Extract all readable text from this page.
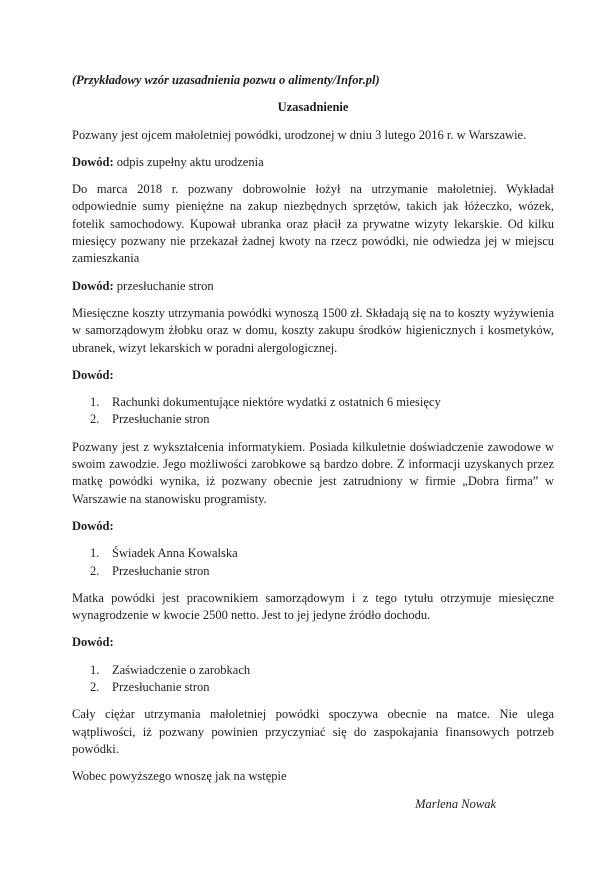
(Przykładowy wzór uzasadnienia pozwu o alimenty/Infor.pl)

Uzasadnienie

Pozwany jest ojcem małoletniej powódki, urodzonej w dniu 3 lutego 2016 r. w Warszawie.

Dowód: odpis zupełny aktu urodzenia

Do marca 2018 r. pozwany dobrowolnie łożył na utrzymanie małoletniej. Wykładał odpowiednie sumy pieniężne na zakup niezbędnych sprzętów, takich jak łóżeczko, wózek, fotelik samochodowy. Kupował ubranka oraz płacił za prywatne wizyty lekarskie. Od kilku miesięcy pozwany nie przekazał żadnej kwoty na rzecz powódki, nie odwiedza jej w miejscu zamieszkania

Dowód: przesłuchanie stron

Miesięczne koszty utrzymania powódki wynoszą 1500 zł. Składają się na to koszty wyżywienia w samorządowym żłobku oraz w domu, koszty zakupu środków higienicznych i kosmetyków, ubranek, wizyt lekarskich w poradni alergologicznej.

Dowód:

1.	Rachunki dokumentujące niektóre wydatki z ostatnich 6 miesięcy
2.	Przesłuchanie stron

Pozwany jest z wykształcenia informatykiem. Posiada kilkuletnie doświadczenie zawodowe w swoim zawodzie. Jego możliwości zarobkowe są bardzo dobre. Z informacji uzyskanych przez matkę powódki wynika, iż pozwany obecnie jest zatrudniony w firmie „Dobra firma” w Warszawie na stanowisku programisty.

Dowód:

1.	Świadek Anna Kowalska
2.	Przesłuchanie stron

Matka powódki jest pracownikiem samorządowym i z tego tytułu otrzymuje miesięczne wynagrodzenie w kwocie 2500 netto. Jest to jej jedyne źródło dochodu.

Dowód:

1.	Zaświadczenie o zarobkach
2.	Przesłuchanie stron

Cały ciężar utrzymania małoletniej powódki spoczywa obecnie na matce. Nie ulega wątpliwości, iż pozwany powinien przyczyniać się do zaspokajania finansowych potrzeb powódki.

Wobec powyższego wnoszę jak na wstępie

Marlena Nowak
